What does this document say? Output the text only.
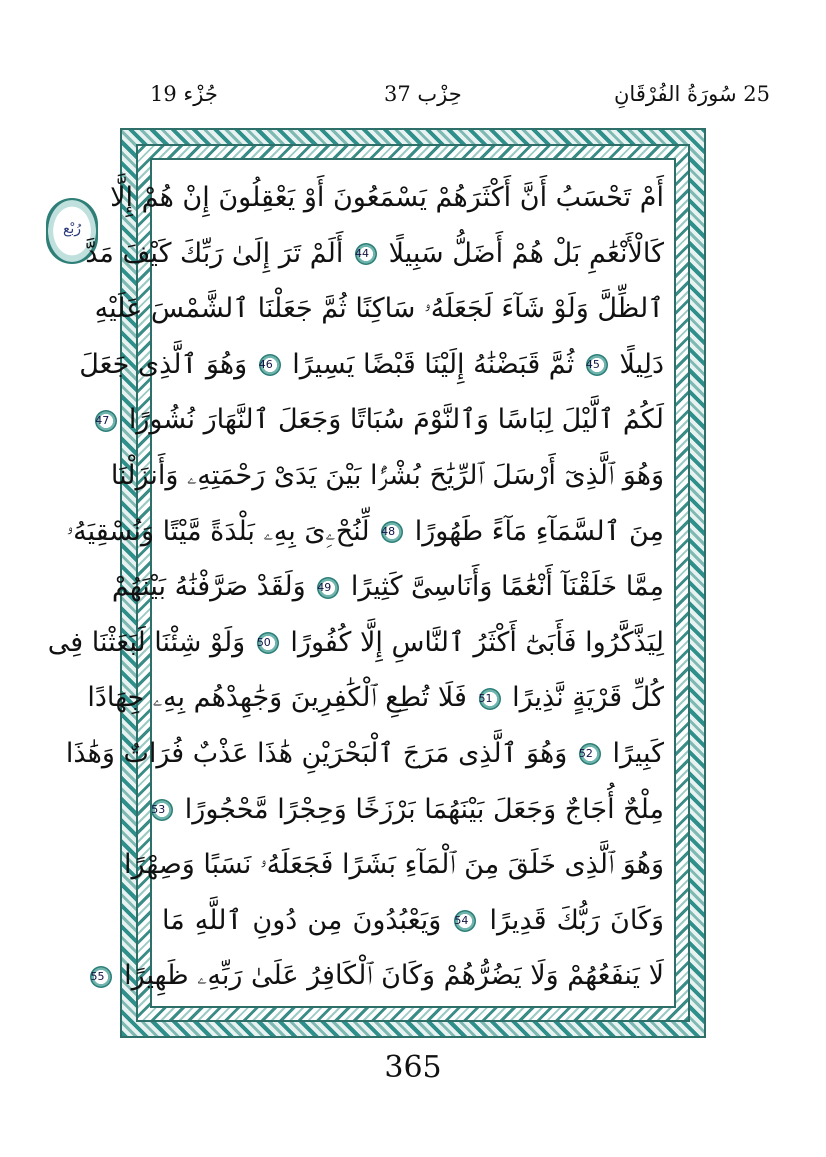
جُزْء 19	حِزْب 37	25 سُورَةُ الفُرْقَانِ
رُبْع
أَمْ تَحْسَبُ أَنَّ أَكْثَرَهُمْ يَسْمَعُونَ أَوْ يَعْقِلُونَ إِنْ هُمْ إِلَّا
كَالْأَنْعَٰمِ بَلْ هُمْ أَضَلُّ سَبِيلًا 44 أَلَمْ تَرَ إِلَىٰ رَبِّكَ كَيْفَ مَدَّ
ٱلظِّلَّ وَلَوْ شَآءَ لَجَعَلَهُۥ سَاكِنًا ثُمَّ جَعَلْنَا ٱلشَّمْسَ عَلَيْهِ
دَلِيلًا 45 ثُمَّ قَبَضْنَٰهُ إِلَيْنَا قَبْضًا يَسِيرًا 46 وَهُوَ ٱلَّذِى جَعَلَ
لَكُمُ ٱلَّيْلَ لِبَاسًا وَٱلنَّوْمَ سُبَاتًا وَجَعَلَ ٱلنَّهَارَ نُشُورًا 47
وَهُوَ ٱلَّذِىٓ أَرْسَلَ ٱلرِّيَٰحَ بُشْرًۢا بَيْنَ يَدَىْ رَحْمَتِهِۦ وَأَنزَلْنَا
مِنَ ٱلسَّمَآءِ مَآءً طَهُورًا 48 لِّنُحْۦِىَ بِهِۦ بَلْدَةً مَّيْتًا وَنُسْقِيَهُۥ
مِمَّا خَلَقْنَآ أَنْعَٰمًا وَأَنَاسِىَّ كَثِيرًا 49 وَلَقَدْ صَرَّفْنَٰهُ بَيْنَهُمْ
لِيَذَّكَّرُوا فَأَبَىٰٓ أَكْثَرُ ٱلنَّاسِ إِلَّا كُفُورًا 50 وَلَوْ شِئْنَا لَبَعَثْنَا فِى
كُلِّ قَرْيَةٍ نَّذِيرًا 51 فَلَا تُطِعِ ٱلْكَٰفِرِينَ وَجَٰهِدْهُم بِهِۦ جِهَادًا
كَبِيرًا 52 وَهُوَ ٱلَّذِى مَرَجَ ٱلْبَحْرَيْنِ هَٰذَا عَذْبٌ فُرَاتٌ وَهَٰذَا
مِلْحٌ أُجَاجٌ وَجَعَلَ بَيْنَهُمَا بَرْزَخًا وَحِجْرًا مَّحْجُورًا 53
وَهُوَ ٱلَّذِى خَلَقَ مِنَ ٱلْمَآءِ بَشَرًا فَجَعَلَهُۥ نَسَبًا وَصِهْرًا
وَكَانَ رَبُّكَ قَدِيرًا 54 وَيَعْبُدُونَ مِن دُونِ ٱللَّهِ مَا
لَا يَنفَعُهُمْ وَلَا يَضُرُّهُمْ وَكَانَ ٱلْكَافِرُ عَلَىٰ رَبِّهِۦ ظَهِيرًا 55
365
